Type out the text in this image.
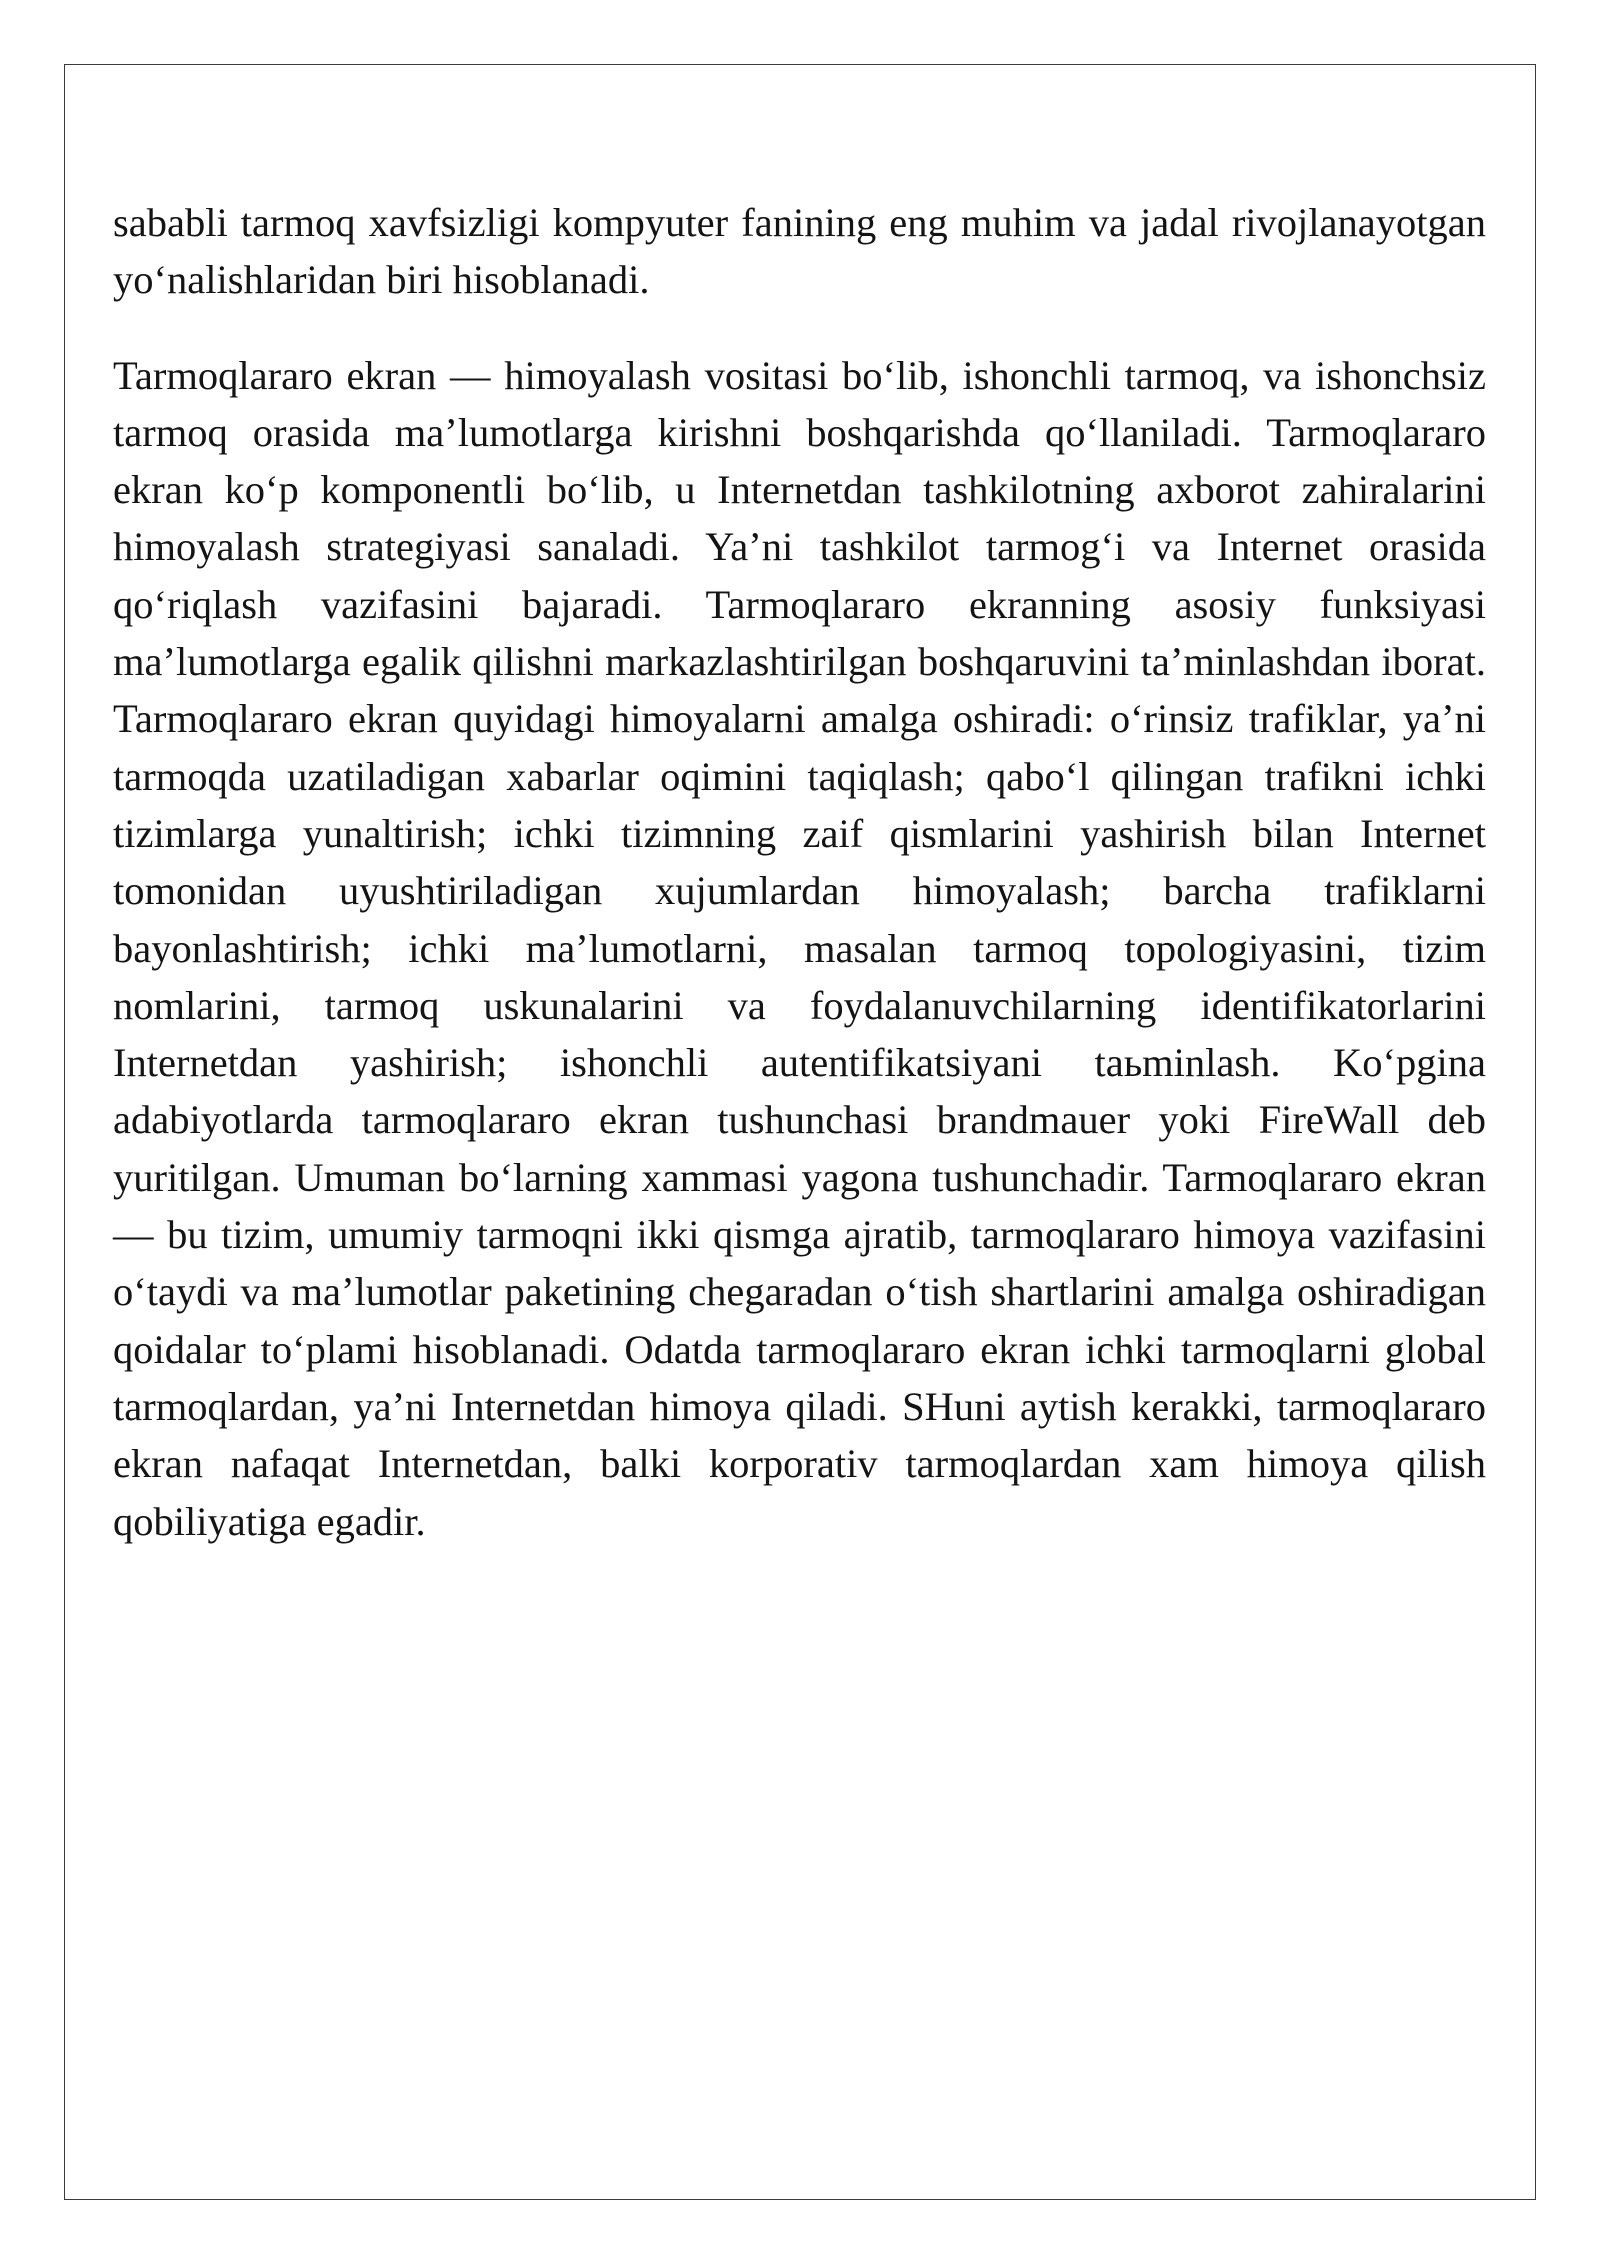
sababli tarmoq xavfsizligi kompyuter fanining eng muhim va jadal rivojlanayotgan yoʻnalishlaridan biri hisoblanadi.

Tarmoqlararo ekran — himoyalash vositasi boʻlib, ishonchli tarmoq, va ishonchsiz tarmoq orasida maʼlumotlarga kirishni boshqarishda qoʻllaniladi. Tarmoqlararo ekran koʻp komponentli boʻlib, u Internetdan tashkilotning axborot zahiralarini himoyalash strategiyasi sanaladi. Yaʼni tashkilot tarmogʻi va Internet orasida qoʻriqlash vazifasini bajaradi. Tarmoqlararo ekranning asosiy funksiyasi maʼlumotlarga egalik qilishni markazlashtirilgan boshqaruvini taʼminlashdan iborat. Tarmoqlararo ekran quyidagi himoyalarni amalga oshiradi: oʻrinsiz trafiklar, yaʼni tarmoqda uzatiladigan xabarlar oqimini taqiqlash; qaboʻl qilingan trafikni ichki tizimlarga yunaltirish; ichki tizimning zaif qismlarini yashirish bilan Internet tomonidan uyushtiriladigan xujumlardan himoyalash; barcha trafiklarni bayonlashtirish; ichki maʼlumotlarni, masalan tarmoq topologiyasini, tizim nomlarini, tarmoq uskunalarini va foydalanuvchilarning identifikatorlarini Internetdan yashirish; ishonchli autentifikatsiyani taьminlash. Koʻpgina adabiyotlarda tarmoqlararo ekran tushunchasi brandmauer yoki FireWall deb yuritilgan. Umuman boʻlarning xammasi yagona tushunchadir. Tarmoqlararo ekran — bu tizim, umumiy tarmoqni ikki qismga ajratib, tarmoqlararo himoya vazifasini oʻtaydi va maʼlumotlar paketining chegaradan oʻtish shartlarini amalga oshiradigan qoidalar toʻplami hisoblanadi. Odatda tarmoqlararo ekran ichki tarmoqlarni global tarmoqlardan, yaʼni Internetdan himoya qiladi. SHuni aytish kerakki, tarmoqlararo ekran nafaqat Internetdan, balki korporativ tarmoqlardan xam himoya qilish qobiliyatiga egadir.
